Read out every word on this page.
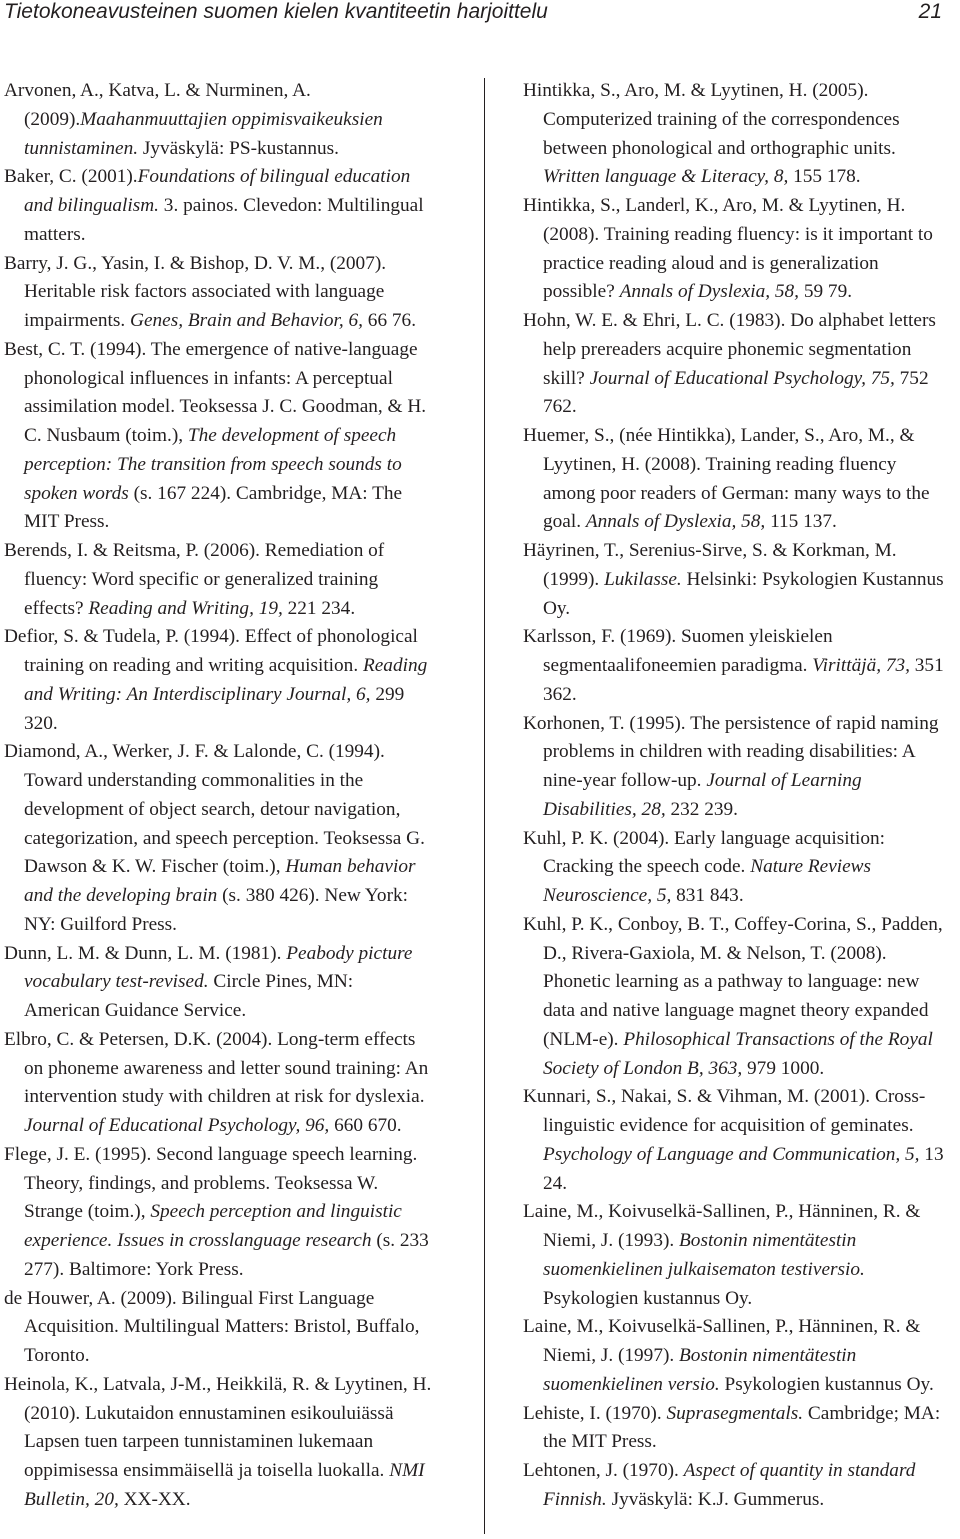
Tietokoneavusteinen suomen kielen kvantiteetin harjoittelu	21

Arvonen, A., Katva, L. & Nurminen, A. (2009).Maahanmuuttajien oppimisvaikeuksien tunnistaminen. Jyväskylä: PS-kustannus.

Baker, C. (2001).Foundations of bilingual education and bilingualism. 3. painos. Clevedon: Multilingual matters.

Barry, J. G., Yasin, I. & Bishop, D. V. M., (2007). Heritable risk factors associated with language impairments. Genes, Brain and Behavior, 6, 66 76.

Best, C. T. (1994). The emergence of native-language phonological influences in infants: A perceptual assimilation model. Teoksessa J. C. Goodman, & H. C. Nusbaum (toim.), The development of speech perception: The transition from speech sounds to spoken words (s. 167 224). Cambridge, MA: The MIT Press.

Berends, I. & Reitsma, P. (2006). Remediation of fluency: Word specific or generalized training effects? Reading and Writing, 19, 221 234.

Defior, S. & Tudela, P. (1994). Effect of phonological training on reading and writing acquisition. Reading and Writing: An Interdisciplinary Journal, 6, 299 320.

Diamond, A., Werker, J. F. & Lalonde, C. (1994). Toward understanding commonalities in the development of object search, detour navigation, categorization, and speech perception. Teoksessa G. Dawson & K. W. Fischer (toim.), Human behavior and the developing brain (s. 380 426). New York: NY: Guilford Press.

Dunn, L. M. & Dunn, L. M. (1981). Peabody picture vocabulary test-revised. Circle Pines, MN: American Guidance Service.

Elbro, C. & Petersen, D.K. (2004). Long-term effects on phoneme awareness and letter sound training: An intervention study with children at risk for dyslexia. Journal of Educational Psychology, 96, 660 670.

Flege, J. E. (1995). Second language speech learning. Theory, findings, and problems. Teoksessa W. Strange (toim.), Speech perception and linguistic experience. Issues in crosslanguage research (s. 233 277). Baltimore: York Press.

de Houwer, A. (2009). Bilingual First Language Acquisition. Multilingual Matters: Bristol, Buffalo, Toronto.

Heinola, K., Latvala, J-M., Heikkilä, R. & Lyytinen, H. (2010). Lukutaidon ennustaminen esikouluiässä Lapsen tuen tarpeen tunnistaminen lukemaan oppimisessa ensimmäisellä ja toisella luokalla. NMI Bulletin, 20, XX-XX.

Hintikka, S., Aro, M. & Lyytinen, H. (2005). Computerized training of the correspondences between phonological and orthographic units. Written language & Literacy, 8, 155 178.

Hintikka, S., Landerl, K., Aro, M. & Lyytinen, H. (2008). Training reading fluency: is it important to practice reading aloud and is generalization possible? Annals of Dyslexia, 58, 59 79.

Hohn, W. E. & Ehri, L. C. (1983). Do alphabet letters help prereaders acquire phonemic segmentation skill? Journal of Educational Psychology, 75, 752 762.

Huemer, S., (née Hintikka), Lander, S., Aro, M., & Lyytinen, H. (2008). Training reading fluency among poor readers of German: many ways to the goal. Annals of Dyslexia, 58, 115 137.

Häyrinen, T., Serenius-Sirve, S. & Korkman, M. (1999). Lukilasse. Helsinki: Psykologien Kustannus Oy.

Karlsson, F. (1969). Suomen yleiskielen segmentaalifoneemien paradigma. Virittäjä, 73, 351 362.

Korhonen, T. (1995). The persistence of rapid naming problems in children with reading disabilities: A nine-year follow-up. Journal of Learning Disabilities, 28, 232 239.

Kuhl, P. K. (2004). Early language acquisition: Cracking the speech code. Nature Reviews Neuroscience, 5, 831 843.

Kuhl, P. K., Conboy, B. T., Coffey-Corina, S., Padden, D., Rivera-Gaxiola, M. & Nelson, T. (2008). Phonetic learning as a pathway to language: new data and native language magnet theory expanded (NLM-e). Philosophical Transactions of the Royal Society of London B, 363, 979 1000.

Kunnari, S., Nakai, S. & Vihman, M. (2001). Cross-linguistic evidence for acquisition of geminates. Psychology of Language and Communication, 5, 13 24.

Laine, M., Koivuselkä-Sallinen, P., Hänninen, R. & Niemi, J. (1993). Bostonin nimentätestin suomenkielinen julkaisematon testiversio. Psykologien kustannus Oy.

Laine, M., Koivuselkä-Sallinen, P., Hänninen, R. & Niemi, J. (1997). Bostonin nimentätestin suomenkielinen versio. Psykologien kustannus Oy.

Lehiste, I. (1970). Suprasegmentals. Cambridge; MA: the MIT Press.

Lehtonen, J. (1970). Aspect of quantity in standard Finnish. Jyväskylä: K.J. Gummerus.
